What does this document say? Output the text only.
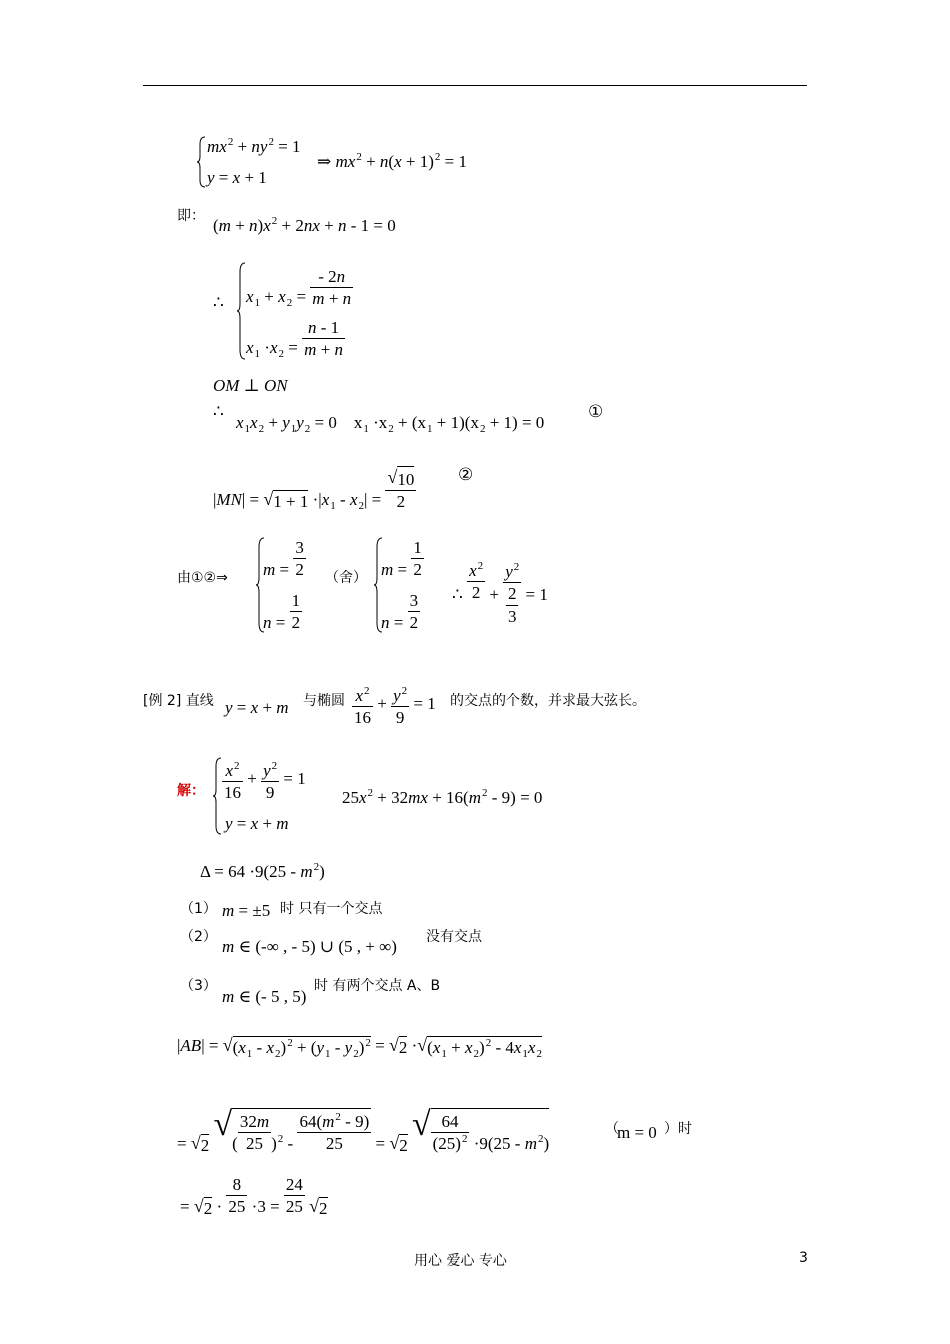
$mx^2 + ny^2 = 1$
y = x + 1
⇒ $mx^2 + n(x + 1)^2 = 1$
即： $(m + n)x^2 + 2nx + n - 1 = 0$
∴ $x_1 + x_2 = \frac{- 2n}{m + n}$
$x_1 \cdot x_2 = \frac{n - 1}{m + n}$
OM ⊥ ON
∴
$x_1x_2 + y_1y_2 = 0$    $x_1 \cdot x_2 + (x_1 + 1)(x_2 + 1) = 0$
①
|MN| = √ $1 + 1 \cdot|x_1 - x_2| = \frac{√ 10}{2}$ ②
由①②⇒ $m = \frac{3}{2}$
$n = \frac{1}{2}$
（舍） $m = \frac{1}{2}$
$n = \frac{3}{2}$ ∴ $\frac{x^2}{2} + \frac{y^2}{\frac{2}{3}} = 1$
[例 2] 直线 y = x + m 与椭圆 $\frac{x^2}{16} + \frac{y^2}{9} = 1$ 的交点的个数，并求最大弦长。
解： $\frac{x^2}{16} + \frac{y^2}{9} = 1$
y = x + m
$25x^2 + 32mx + 16(m^2 - 9) = 0$
$\Delta = 64 \cdot 9(25 - m^2)$
（1） m = ±5 时 只有一个交点
（2） m ∈ (-∞ , - 5) ∪ (5 , + ∞) 没有交点
（3）
m ∈ (- 5 , 5)
时 有两个交点 A、B
|AB| = √ $(x_1 - x_2)^2 + (y_1 - y_2)^2$ = √ 2 · √ $(x_1 + x_2)^2 - 4x_1x_2$
= √ 2

√
( $\frac{32m}{25} )^2 - \frac{64(m^2 - 9)}{25}$ = √ 2

√ $\frac{64}{(25)^2} \cdot 9(25 - m^2)$
（
m = 0 ）时
= √ $2 \cdot \frac{8}{25} \cdot 3 = \frac{24}{25}$
√ 2
用心 爱心 专心	3
